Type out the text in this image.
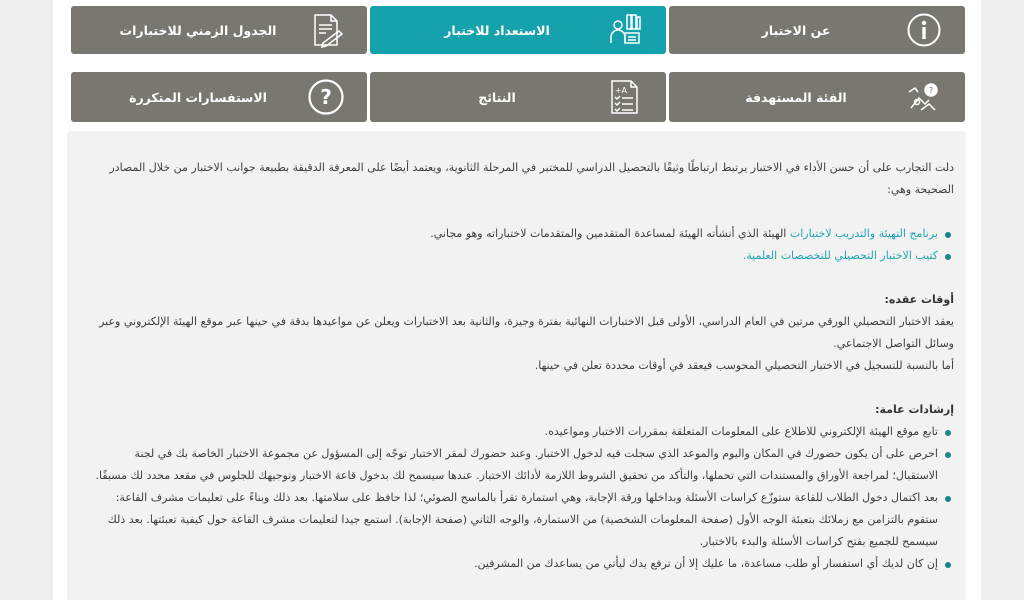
عن الاختبار
الاستعداد للاختبار
الجدول الزمني للاختبارات
?
الفئة المستهدفة
A+
النتائج
?
الاستفسارات المتكررة

دلت التجارب على أن حسن الأداء في الاختبار يرتبط ارتباطًا وثيقًا بالتحصيل الدراسي للمختبر في المرحلة الثانوية، ويعتمد أيضًا على المعرفة الدقيقة بطبيعة جوانب الاختبار من خلال المصادر الصحيحة وهي:

برنامج التهيئة والتدريب لاختبارات الهيئة الذي أنشأته الهيئة لمساعدة المتقدمين والمتقدمات لاختباراته وهو مجاني.
كتيب الاختبار التحصيلي للتخصصات العلمية.

أوقات عقده:

يعقد الاختبار التحصيلي الورقي مرتين في العام الدراسي، الأولى قبل الاختبارات النهائية بفترة وجيزة، والثانية بعد الاختبارات ويعلن عن مواعيدها بدقة في حينها عبر موقع الهيئة الإلكتروني وعبر وسائل التواصل الاجتماعي.

أما بالنسبة للتسجيل في الاختبار التحصيلي المحوسب فيعقد في أوقات محددة تعلن في حينها.

إرشادات عامة:

تابع موقع الهيئة الإلكتروني للاطلاع على المعلومات المتعلقة بمقررات الاختبار ومواعيده.
احرص على أن يكون حضورك في المكان واليوم والموعد الذي سجلت فيه لدخول الاختبار. وعند حضورك لمقر الاختبار توجّه إلى المسؤول عن مجموعة الاختبار الخاصة بك في لجنة الاستقبال؛ لمراجعة الأوراق والمستندات التي تحملها، والتأكد من تحقيق الشروط اللازمة لأدائك الاختبار. عندها سيسمح لك بدخول قاعة الاختبار وتوجيهك للجلوس في مقعد محدد لك مسبقًا.
بعد اكتمال دخول الطلاب للقاعة ستوزّع كراسات الأسئلة وبداخلها ورقة الإجابة، وهي استمارة تقرأ بالماسح الضوئي؛ لذا حافظ على سلامتها. بعد ذلك وبناءً على تعليمات مشرف القاعة: ستقوم بالتزامن مع زملائك بتعبئة الوجه الأول (صفحة المعلومات الشخصية) من الاستمارة، والوجه الثاني (صفحة الإجابة). استمع جيدا لتعليمات مشرف القاعة حول كيفية تعبئتها. بعد ذلك سيسمح للجميع بفتح كراسات الأسئلة والبدء بالاختبار.
إن كان لديك أي استفسار أو طلب مساعدة، ما عليك إلا أن ترفع يدك ليأتي من يساعدك من المشرفين.
